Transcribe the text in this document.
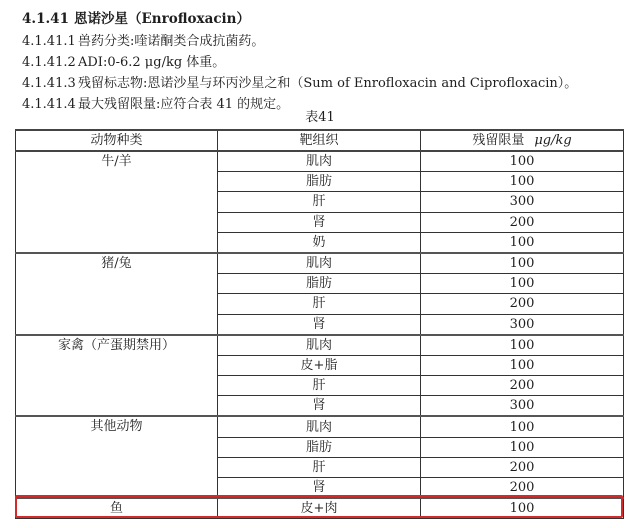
4.1.41 恩诺沙星（Enrofloxacin）
4.1.41.1 兽药分类:喹诺酮类合成抗菌药。
4.1.41.2 ADI:0-6.2 μg/kg 体重。
4.1.41.3 残留标志物:恩诺沙星与环丙沙星之和（Sum of Enrofloxacin and Ciprofloxacin）。
4.1.41.4 最大残留限量:应符合表 41 的规定。
表41
动物种类	靶组织	残留限量 μg/kg
牛/羊	肌肉	100
	脂肪	100
	肝	300
	肾	200
	奶	100
猪/兔	肌肉	100
	脂肪	100
	肝	200
	肾	300
家禽（产蛋期禁用）	肌肉	100
	皮+脂	100
	肝	200
	肾	300
其他动物	肌肉	100
	脂肪	100
	肝	200
	肾	200
鱼	皮+肉	100
